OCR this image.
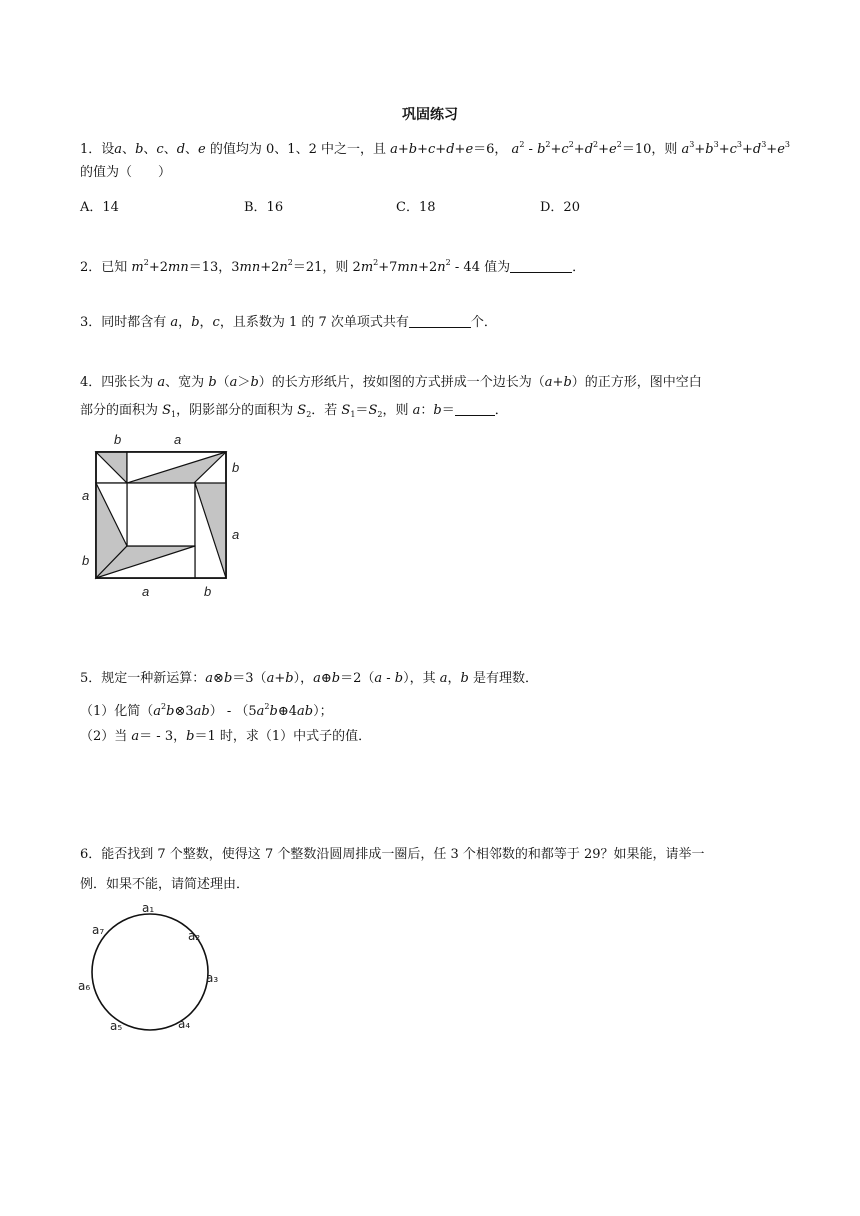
巩固练习
1．设a、b、c、d、e 的值均为 0、1、2 中之一，且 a+b+c+d+e＝6， $a^2 - b^2+c^2+d^2+e^2=10$，则 $a^3+b^3+c^3+d^3+e^3$
的值为（　　）
A．14	B．16	C．18	D．20
2．已知 $m^2+2mn=13$，$3mn+2n^2=21$，则 $2m^2+7mn+2n^2 - 44$ 值为	．
3．同时都含有 a，b，c，且系数为 1 的 7 次单项式共有	个．
4．四张长为 a、宽为 b（a＞b）的长方形纸片，按如图的方式拼成一个边长为（a+b）的正方形，图中空白
部分的面积为 $S_1$，阴影部分的面积为 $S_2$．若 $S_1=S_2$，则 a：b＝	．
b	a
b
a
a
b
a	b
5．规定一种新运算：a⊗b＝3（a+b），a⊕b＝2（a - b），其 a，b 是有理数．
（1）化简$(a^2b\otimes 3ab)$ - $(5a^2b\oplus 4ab)$；
（2）当 a＝ - 3，b＝1 时，求（1）中式子的值．
6．能否找到 7 个整数，使得这 7 个整数沿圆周排成一圈后，任 3 个相邻数的和都等于 29？如果能，请举一
例．如果不能，请简述理由．
a₁
a₂
a₃
a₄
a₅
a₆
a₇
